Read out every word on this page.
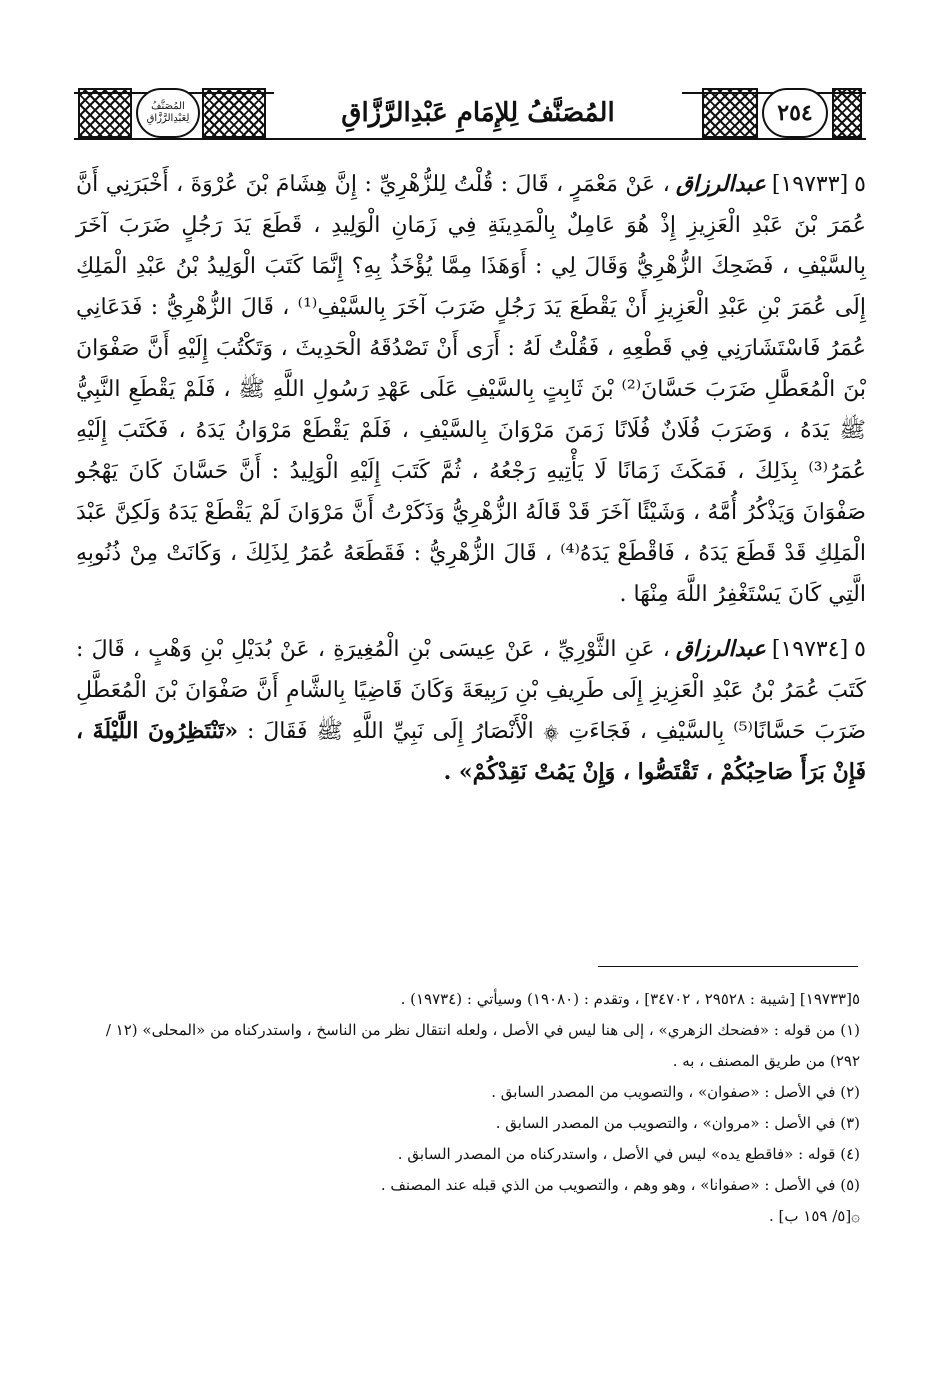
المُصَنَّفُ
لِعَبْدِالرَّزَّاقِ	المُصَنَّفُ لِلإِمَامِ عَبْدِالرَّزَّاقِ	٢٥٤

٥[١٩٧٣٣]عبدالرزاق، عَنْ مَعْمَرٍ ، قَالَ : قُلْتُ لِلزُّهْرِيِّ : إِنَّ هِشَامَ بْنَ عُرْوَةَ ، أَخْبَرَنِي أَنَّ عُمَرَ بْنَ عَبْدِ الْعَزِيزِ إِذْ هُوَ عَامِلٌ بِالْمَدِينَةِ فِي زَمَانِ الْوَلِيدِ ، قَطَعَ يَدَ رَجُلٍ ضَرَبَ آخَرَ بِالسَّيْفِ ، فَضَحِكَ الزُّهْرِيُّ وَقَالَ لِي : أَوَهَذَا مِمَّا يُؤْخَذُ بِهِ؟ إِنَّمَا كَتَبَ الْوَلِيدُ بْنُ عَبْدِ الْمَلِكِ إِلَى عُمَرَ بْنِ عَبْدِ الْعَزِيزِ أَنْ يَقْطَعَ يَدَ رَجُلٍ ضَرَبَ آخَرَ بِالسَّيْفِ⁽¹⁾ ، قَالَ الزُّهْرِيُّ : فَدَعَانِي عُمَرُ فَاسْتَشَارَنِي فِي قَطْعِهِ ، فَقُلْتُ لَهُ : أَرَى أَنْ تَصْدُقَهُ الْحَدِيثَ ، وَتَكْتُبَ إِلَيْهِ أَنَّ صَفْوَانَ بْنَ الْمُعَطَّلِ ضَرَبَ حَسَّانَ⁽²⁾ بْنَ ثَابِتٍ بِالسَّيْفِ عَلَى عَهْدِ رَسُولِ اللَّهِ ﷺ ، فَلَمْ يَقْطَعِ النَّبِيُّ ﷺ يَدَهُ ، وَضَرَبَ فُلَانٌ فُلَانًا زَمَنَ مَرْوَانَ بِالسَّيْفِ ، فَلَمْ يَقْطَعْ مَرْوَانُ يَدَهُ ، فَكَتَبَ إِلَيْهِ عُمَرُ⁽³⁾ بِذَلِكَ ، فَمَكَثَ زَمَانًا لَا يَأْتِيهِ رَجْعُهُ ، ثُمَّ كَتَبَ إِلَيْهِ الْوَلِيدُ : أَنَّ حَسَّانَ كَانَ يَهْجُو صَفْوَانَ وَيَذْكُرُ أُمَّهُ ، وَشَيْئًا آخَرَ قَدْ قَالَهُ الزُّهْرِيُّ وَذَكَرْتُ أَنَّ مَرْوَانَ لَمْ يَقْطَعْ يَدَهُ وَلَكِنَّ عَبْدَ الْمَلِكِ قَدْ قَطَعَ يَدَهُ ، فَاقْطَعْ يَدَهُ⁽⁴⁾ ، قَالَ الزُّهْرِيُّ : فَقَطَعَهُ عُمَرُ لِذَلِكَ ، وَكَانَتْ مِنْ ذُنُوبِهِ الَّتِي كَانَ يَسْتَغْفِرُ اللَّهَ مِنْهَا .

٥[١٩٧٣٤]عبدالرزاق، عَنِ الثَّوْرِيِّ ، عَنْ عِيسَى بْنِ الْمُغِيرَةِ ، عَنْ بُدَيْلِ بْنِ وَهْبٍ ، قَالَ : كَتَبَ عُمَرُ بْنُ عَبْدِ الْعَزِيزِ إِلَى طَرِيفِ بْنِ رَبِيعَةَ وَكَانَ قَاضِيًا بِالشَّامِ أَنَّ صَفْوَانَ بْنَ الْمُعَطَّلِ ضَرَبَ حَسَّانًا⁽⁵⁾ بِالسَّيْفِ ، فَجَاءَتِ ۞ الْأَنْصَارُ إِلَى نَبِيِّ اللَّهِ ﷺ فَقَالَ : «تَنْتَظِرُونَ اللَّيْلَةَ ، فَإِنْ بَرَأَ صَاحِبُكُمْ ، تَقْتَصُّوا ، وَإِنْ يَمُتْ نَقِدْكُمْ» .

٥[١٩٧٣٣] [شيبة : ٢٩٥٢٨ ، ٣٤٧٠٢] ، وتقدم : (١٩٠٨٠) وسيأتي : (١٩٧٣٤) .

(١) من قوله : «فضحك الزهري» ، إلى هنا ليس في الأصل ، ولعله انتقال نظر من الناسخ ، واستدركناه من «المحلى» (١٢ / ٢٩٢) من طريق المصنف ، به .

(٢) في الأصل : «صفوان» ، والتصويب من المصدر السابق .

(٣) في الأصل : «مروان» ، والتصويب من المصدر السابق .

(٤) قوله : «فاقطع يده» ليس في الأصل ، واستدركناه من المصدر السابق .

(٥) في الأصل : «صفوانا» ، وهو وهم ، والتصويب من الذي قبله عند المصنف .

۞[٥/ ١٥٩ ب] .
